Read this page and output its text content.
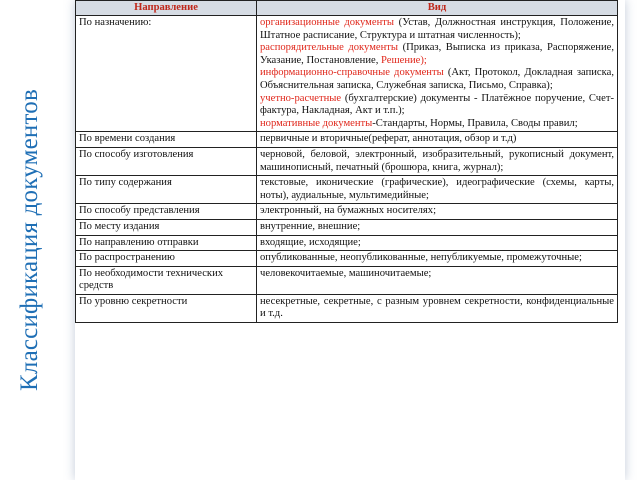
Классификация документов
Направление	Вид
По назначению:	организационные документы (Устав, Должностная инструкция, Положение, Штатное расписание, Структура и штатная численность);

распорядительные документы (Приказ, Выписка из приказа, Распоряжение, Указание, Постановление, Решение);

информационно-справочные документы (Акт, Протокол, Докладная записка, Объяснительная записка, Служебная записка, Письмо, Справка);

учетно-расчетные (бухгалтерские) документы - Платёжное поручение, Счет-фактура, Накладная, Акт и т.п.);

нормативные документы-Стандарты, Нормы, Правила, Своды правил;

По времени создания	первичные и вторичные(реферат, аннотация, обзор и т.д)
По способу изготовления	черновой, беловой, электронный, изобразительный, рукописный документ, машинописный, печатный (брошюра, книга, журнал);
По типу содержания	текстовые, иконические (графические), идеографические (схемы, карты, ноты), аудиальные, мультимедийные;
По способу представления	электронный, на бумажных носителях;
По месту издания	внутренние, внешние;
По направлению отправки	входящие, исходящие;
По распространению	опубликованные, неопубликованные, непубликуемые, промежуточные;
По необходимости технических средств	человекочитаемые, машиночитаемые;
По уровню секретности	несекретные, секретные, с разным уровнем секретности, конфиденциальные и т.д.
